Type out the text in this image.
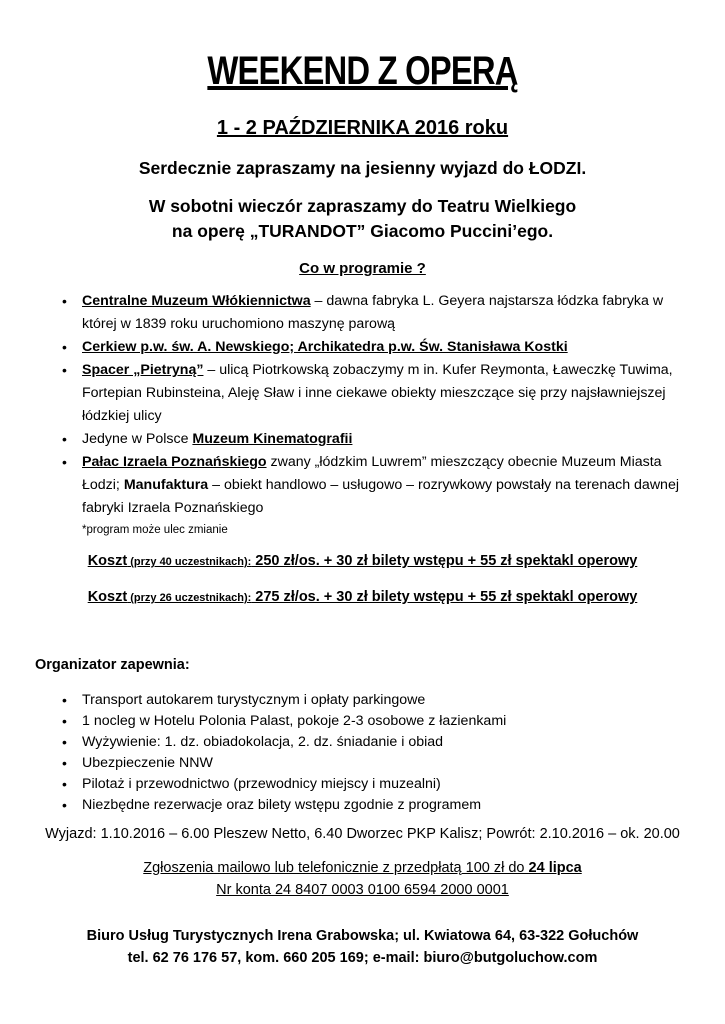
WEEKEND Z OPERĄ
1 - 2 PAŹDZIERNIKA 2016 roku
Serdecznie zapraszamy na jesienny wyjazd do ŁODZI.
W sobotni wieczór zapraszamy do Teatru Wielkiego
na operę „TURANDOT” Giacomo Puccini’ego.
Co w programie ?
• Centralne Muzeum Włókiennictwa – dawna fabryka L. Geyera najstarsza łódzka fabryka w której w 1839 roku uruchomiono maszynę parową
• Cerkiew p.w. św. A. Newskiego; Archikatedra p.w. Św. Stanisława Kostki
• Spacer „Pietryną” – ulicą Piotrkowską zobaczymy m in. Kufer Reymonta, Ławeczkę Tuwima, Fortepian Rubinsteina, Aleję Sław i inne ciekawe obiekty mieszczące się przy najsławniejszej łódzkiej ulicy
• Jedyne w Polsce Muzeum Kinematografii
• Pałac Izraela Poznańskiego zwany „łódzkim Luwrem” mieszczący obecnie Muzeum Miasta Łodzi; Manufaktura – obiekt handlowo – usługowo – rozrywkowy powstały na terenach dawnej fabryki Izraela Poznańskiego
*program może ulec zmianie
Koszt (przy 40 uczestnikach): 250 zł/os. + 30 zł bilety wstępu + 55 zł spektakl operowy
Koszt (przy 26 uczestnikach): 275 zł/os. + 30 zł bilety wstępu + 55 zł spektakl operowy
Organizator zapewnia:
• Transport autokarem turystycznym i opłaty parkingowe
• 1 nocleg w Hotelu Polonia Palast, pokoje 2-3 osobowe z łazienkami
• Wyżywienie: 1. dz. obiadokolacja, 2. dz. śniadanie i obiad
• Ubezpieczenie NNW
• Pilotaż i przewodnictwo (przewodnicy miejscy i muzealni)
• Niezbędne rezerwacje oraz bilety wstępu zgodnie z programem
Wyjazd: 1.10.2016 – 6.00 Pleszew Netto, 6.40 Dworzec PKP Kalisz; Powrót: 2.10.2016 – ok. 20.00
Zgłoszenia mailowo lub telefonicznie z przedpłatą 100 zł do 24 lipca
Nr konta 24 8407 0003 0100 6594 2000 0001
Biuro Usług Turystycznych Irena Grabowska; ul. Kwiatowa 64, 63-322 Gołuchów
tel. 62 76 176 57, kom. 660 205 169; e-mail: biuro@butgoluchow.com
